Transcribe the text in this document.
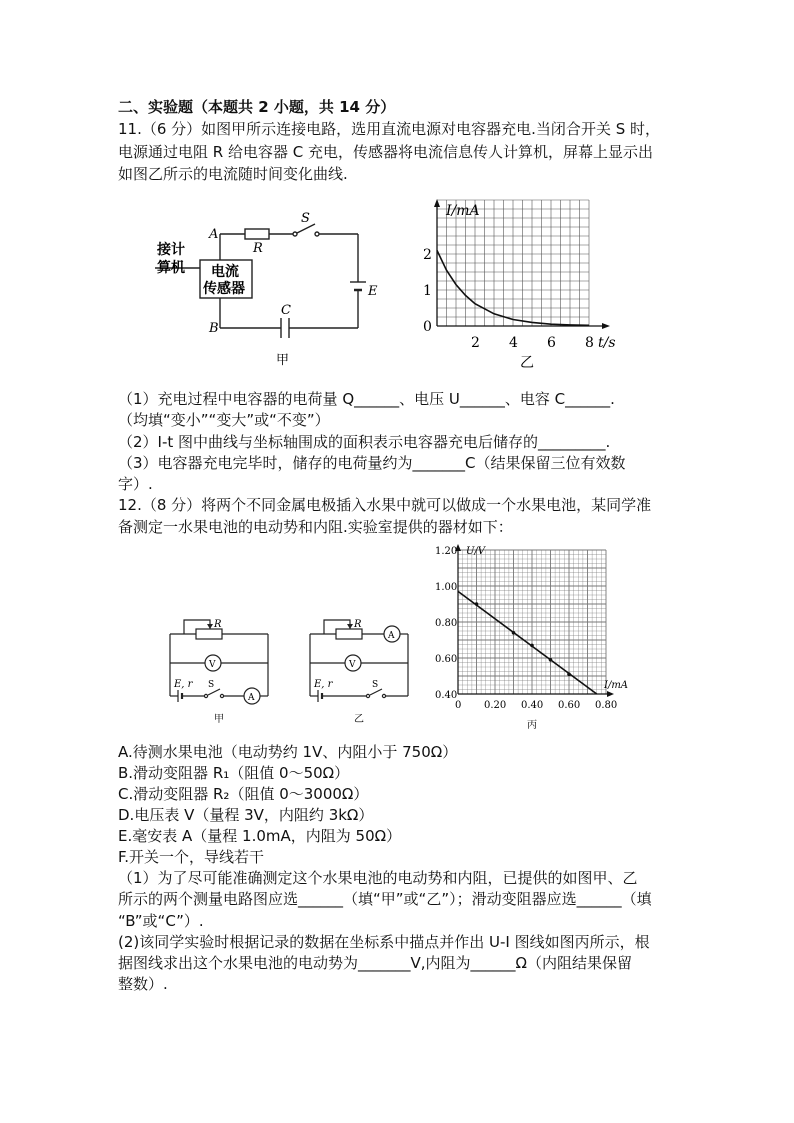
二、实验题（本题共 2 小题，共 14 分）
11.（6 分）如图甲所示连接电路，选用直流电源对电容器充电.当闭合开关 S 时，
电源通过电阻 R 给电容器 C 充电，传感器将电流信息传人计算机，屏幕上显示出
如图乙所示的电流随时间变化曲线.
接计
算机 电流
传感器
A
B
R
S
C
E
甲
0
1
2
2 4 6 8
I/mA
t/s
乙
（1）充电过程中电容器的电荷量 Q______、电压 U______、电容 C______.
（均填“变小”“变大”或“不变”）
（2）I-t 图中曲线与坐标轴围成的面积表示电容器充电后储存的_________.
（3）电容器充电完毕时，储存的电荷量约为_______C（结果保留三位有效数
字）.
12.（8 分）将两个不同金属电极插入水果中就可以做成一个水果电池，某同学准
备测定一水果电池的电动势和内阻.实验室提供的器材如下：
R
V
A
E, r S
甲
R
A
V
E, r	S
乙
0.40
0.60
0.80
1.00
1.20
0 0.20 0.40 0.60 0.80
U/V
I/mA
丙
A.待测水果电池（电动势约 1V、内阻小于 750Ω）
B.滑动变阻器 R₁（阻值 0～50Ω）
C.滑动变阻器 R₂（阻值 0～3000Ω）
D.电压表 V（量程 3V，内阻约 3kΩ）
E.毫安表 A（量程 1.0mA，内阻为 50Ω）
F.开关一个，导线若干
（1）为了尽可能准确测定这个水果电池的电动势和内阻，已提供的如图甲、乙
所示的两个测量电路图应选______（填“甲”或“乙”）；滑动变阻器应选______（填
“B”或“C”）.
(2)该同学实验时根据记录的数据在坐标系中描点并作出 U-I 图线如图丙所示，根
据图线求出这个水果电池的电动势为_______V,内阻为______Ω（内阻结果保留
整数）.
